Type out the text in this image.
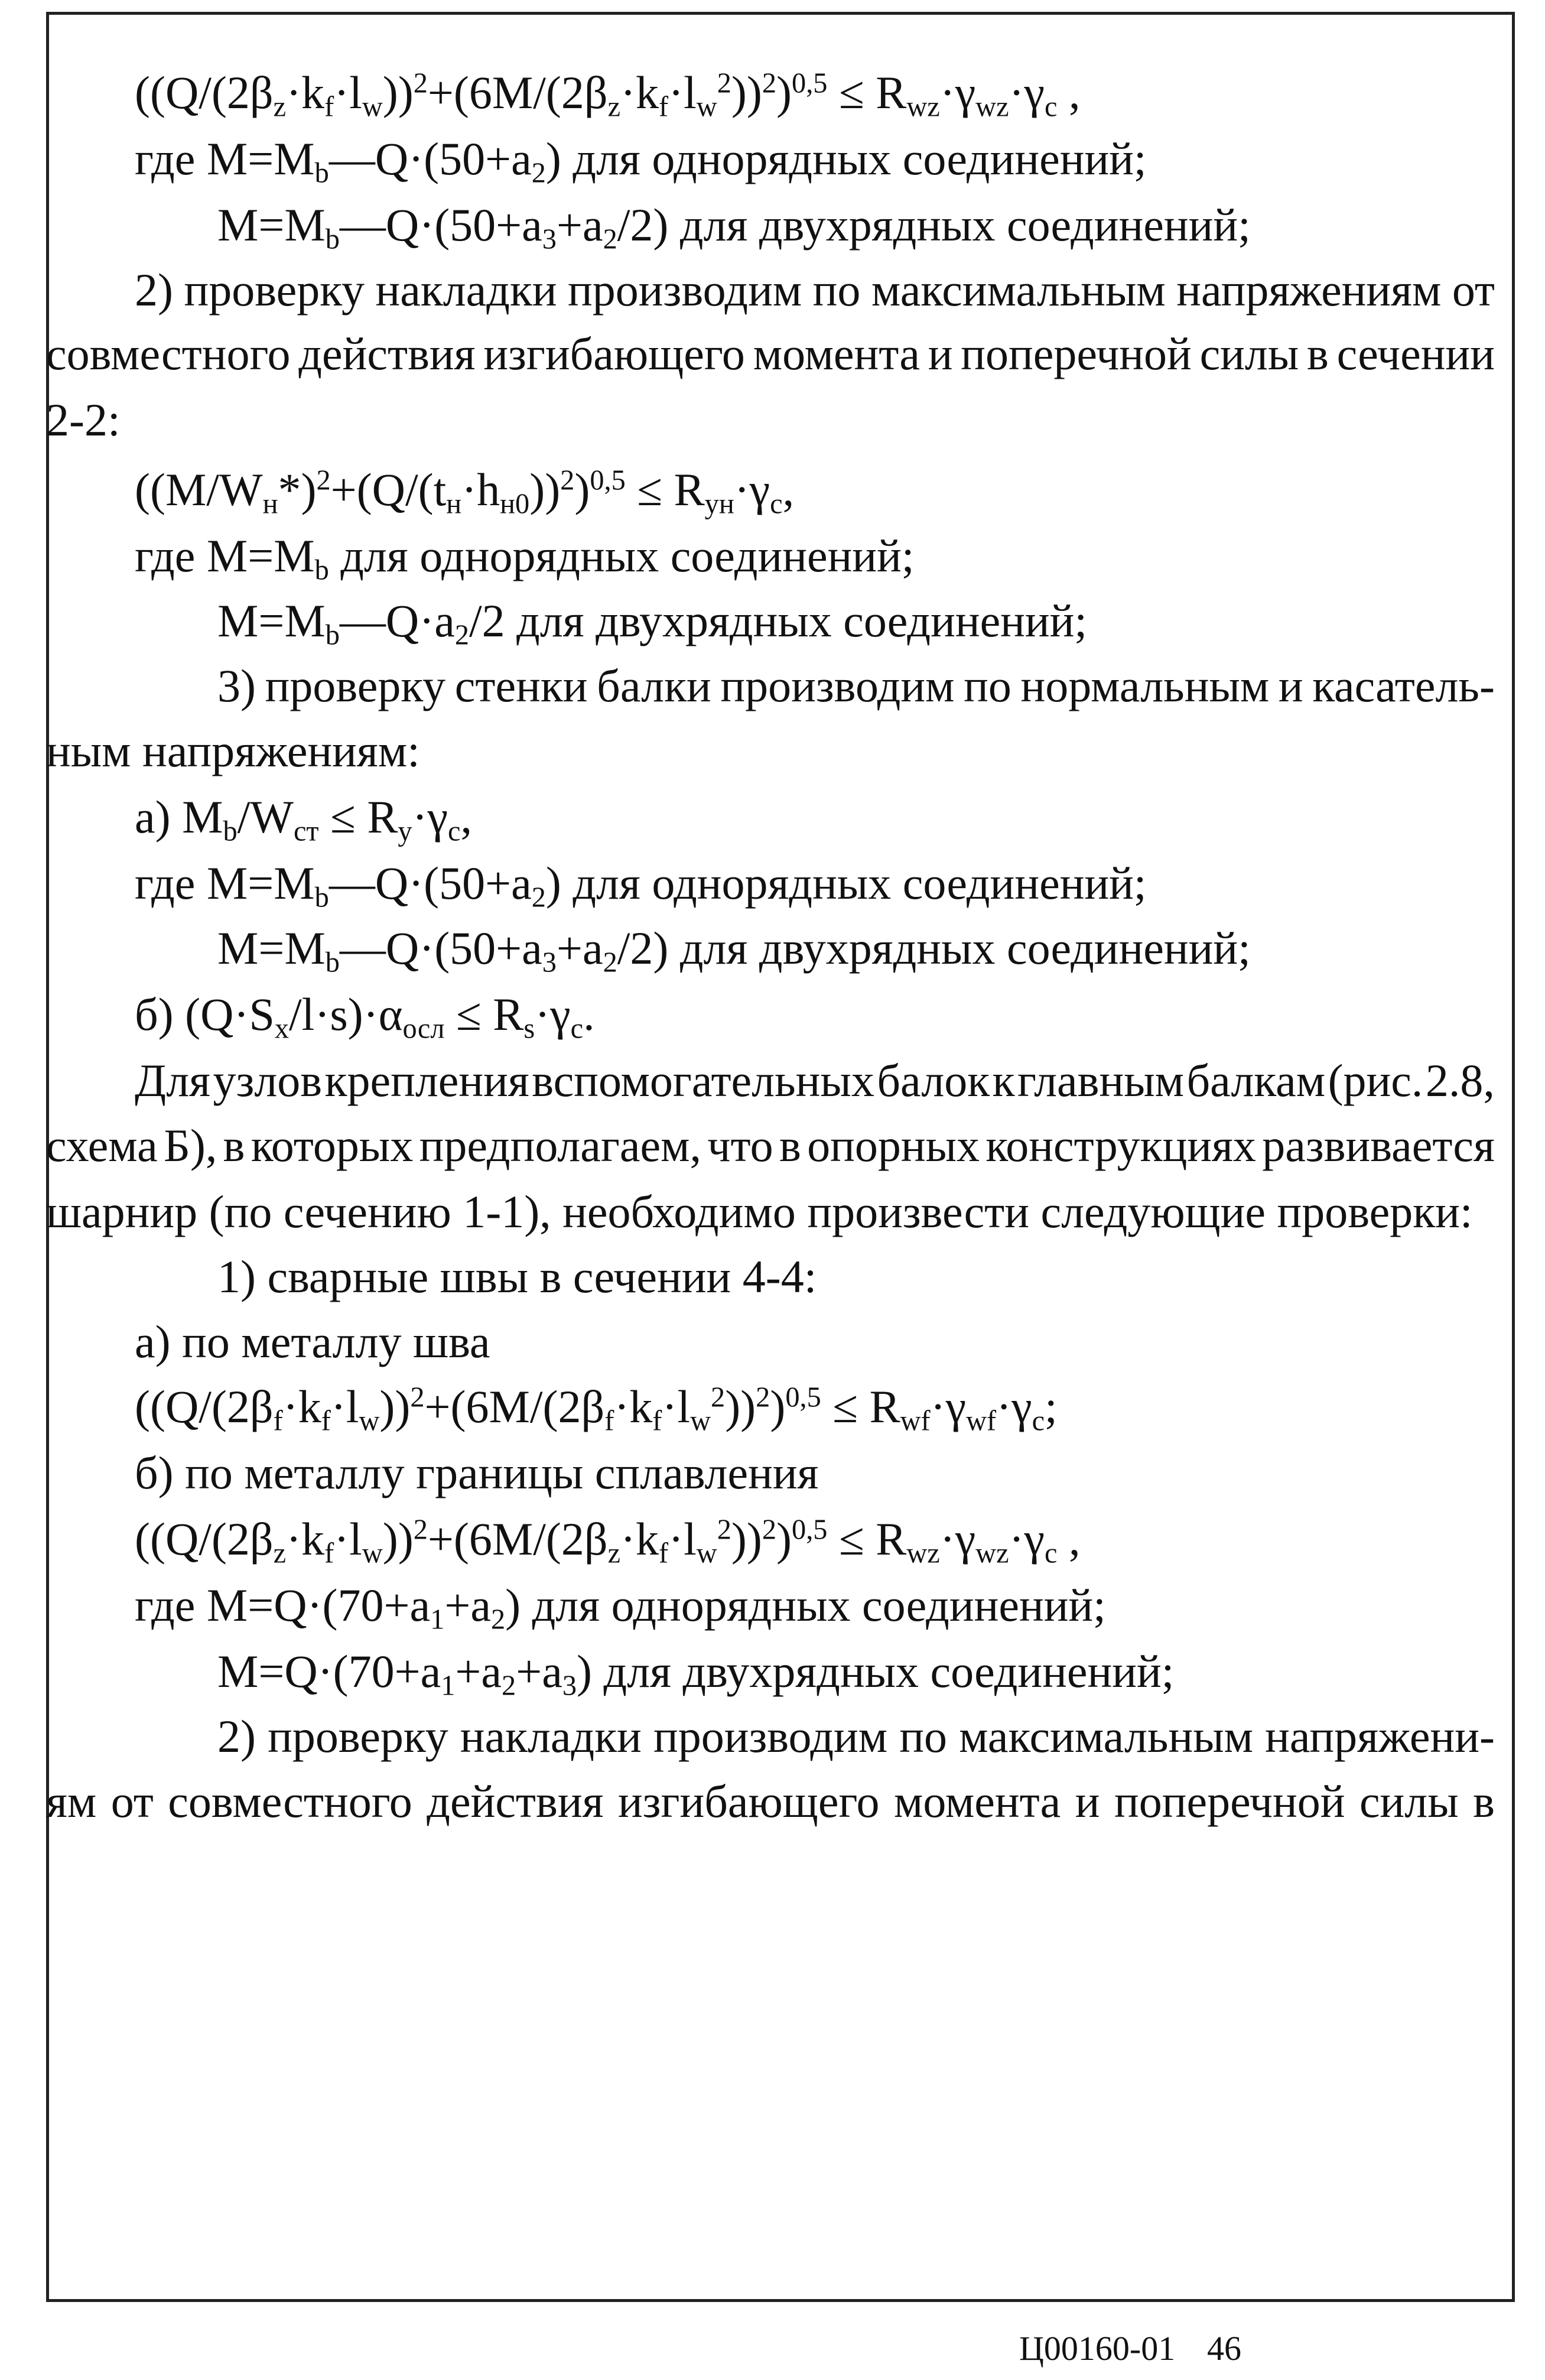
$((Q/(2\beta_z\cdot k_f\cdot l_w))^2+(6M/(2\beta_z\cdot k_f\cdot l_w^2))^2)^{0,5} \le R_{wz}\cdot\gamma_{wz}\cdot\gamma_c$ ,
где $M=M_b—Q\cdot(50+a_2)$ для однорядных соединений;
$M=M_b—Q\cdot(50+a_3+a_2/2)$ для двухрядных соединений;
2) проверку накладки производим по максимальным напряжениям от
совместного действия изгибающего момента и поперечной силы в сечении
2-2:
$((M/W_н*)^2+(Q/(t_н\cdot h_{н0}))^2)^{0,5} \le R_{ун}\cdot\gamma_c$,
где $M=M_b$ для однорядных соединений;
$M=M_b—Q\cdot a_2/2$ для двухрядных соединений;
3) проверку стенки балки производим по нормальным и касатель-
ным напряжениям:
а) $M_b/W_{ст} \le R_y\cdot\gamma_c$,
где $M=M_b—Q\cdot(50+a_2)$ для однорядных соединений;
$M=M_b—Q\cdot(50+a_3+a_2/2)$ для двухрядных соединений;
б) $(Q\cdot S_x/l\cdot s)\cdot\alpha_{осл} \le R_s\cdot\gamma_c$.
Для узлов крепления вспомогательных балок к главным балкам (рис. 2.8,
схема Б), в которых предполагаем, что в опорных конструкциях развивается
шарнир (по сечению 1-1), необходимо произвести следующие проверки:
1) сварные швы в сечении 4-4:
а) по металлу шва
$((Q/(2\beta_f\cdot k_f\cdot l_w))^2+(6M/(2\beta_f\cdot k_f\cdot l_w^2))^2)^{0,5} \le R_{wf}\cdot\gamma_{wf}\cdot\gamma_c$;
б) по металлу границы сплавления
$((Q/(2\beta_z\cdot k_f\cdot l_w))^2+(6M/(2\beta_z\cdot k_f\cdot l_w^2))^2)^{0,5} \le R_{wz}\cdot\gamma_{wz}\cdot\gamma_c$ ,
где $M=Q\cdot(70+a_1+a_2)$ для однорядных соединений;
$M=Q\cdot(70+a_1+a_2+a_3)$ для двухрядных соединений;
2) проверку накладки производим по максимальным напряжени-
ям от совместного действия изгибающего момента и поперечной силы в
Ц00160-01 46
